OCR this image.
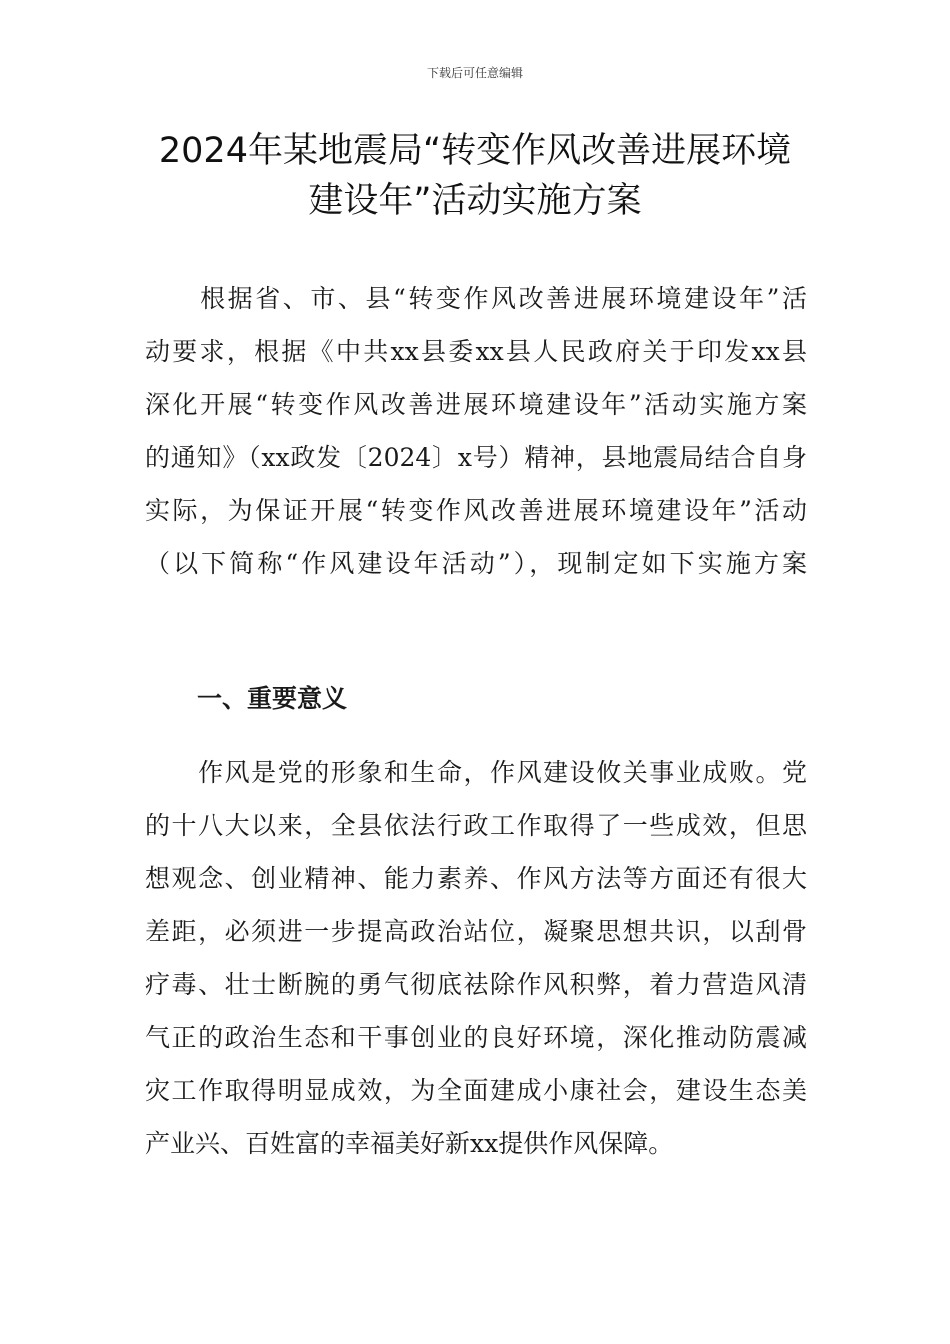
下载后可任意编辑
2024年某地震局“转变作风改善进展环境
建设年”活动实施方案

　　根据省、市、县“转变作风改善进展环境建设年”活
动要求，根据《中共xx县委xx县人民政府关于印发xx县
深化开展“转变作风改善进展环境建设年”活动实施方案
的通知》（xx政发〔2024〕x号）精神，县地震局结合自身
实际，为保证开展“转变作风改善进展环境建设年”活动
（以下简称“作风建设年活动”），现制定如下实施方案

一、重要意义

　　作风是党的形象和生命，作风建设攸关事业成败。党
的十八大以来，全县依法行政工作取得了一些成效，但思
想观念、创业精神、能力素养、作风方法等方面还有很大
差距，必须进一步提高政治站位，凝聚思想共识，以刮骨
疗毒、壮士断腕的勇气彻底祛除作风积弊，着力营造风清
气正的政治生态和干事创业的良好环境，深化推动防震减
灾工作取得明显成效，为全面建成小康社会，建设生态美
产业兴、百姓富的幸福美好新xx提供作风保障。
